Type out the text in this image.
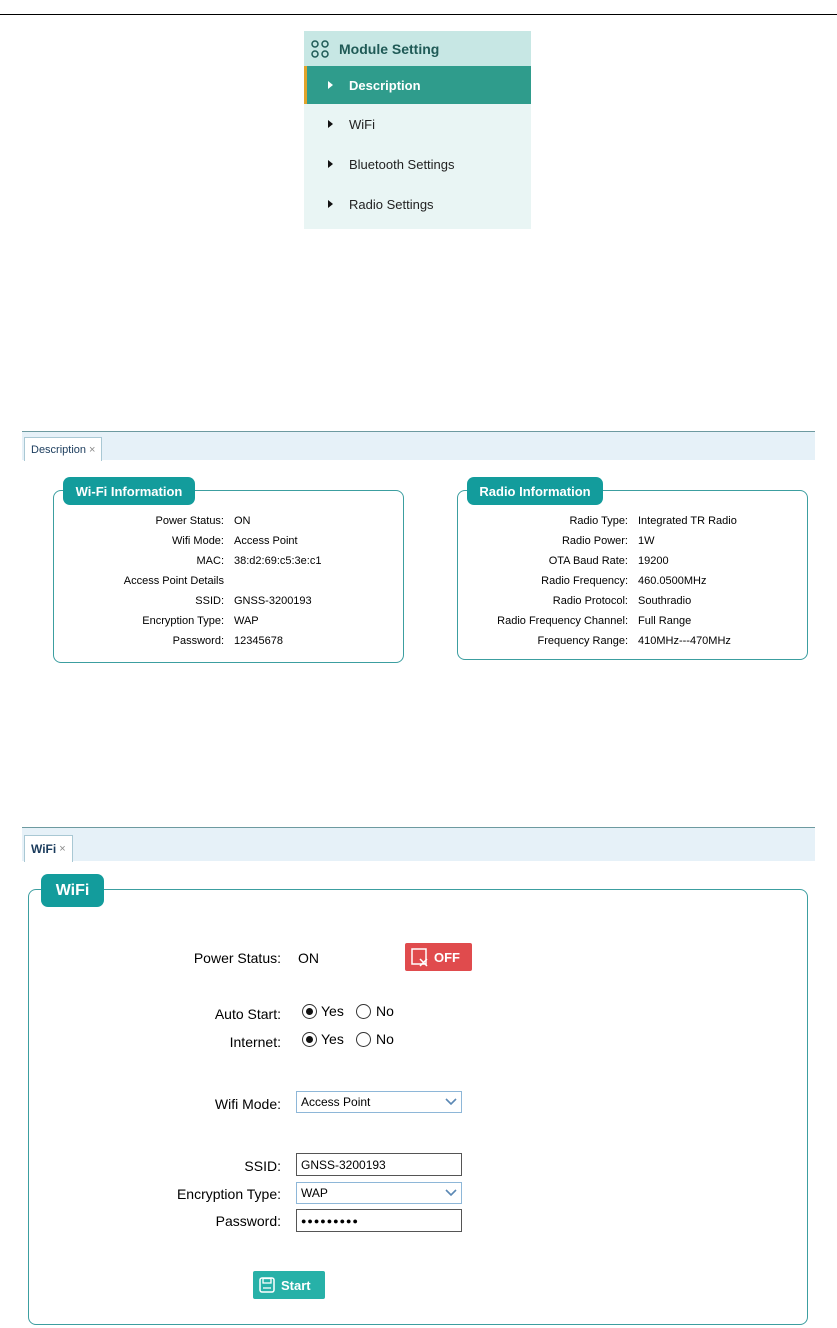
Module Setting
Description
WiFi
Bluetooth Settings
Radio Settings
Description ×
Wi-Fi Information	Radio Information
Power Status: ON
Wifi Mode: Access Point
MAC: 38:d2:69:c5:3e:c1
Access Point Details
SSID: GNSS-3200193
Encryption Type: WAP
Password: 12345678
Radio Type: Integrated TR Radio
Radio Power: 1W
OTA Baud Rate: 19200
Radio Frequency: 460.0500MHz
Radio Protocol: Southradio
Radio Frequency Channel: Full Range
Frequency Range: 410MHz---470MHz
WiFi ×
WiFi
Power Status: ON	OFF
Auto Start:	Yes No
Internet:	Yes No
Wifi Mode: Access Point
SSID:	GNSS-3200193
Encryption Type: WAP
Password:	●●●●●●●●●
Start
